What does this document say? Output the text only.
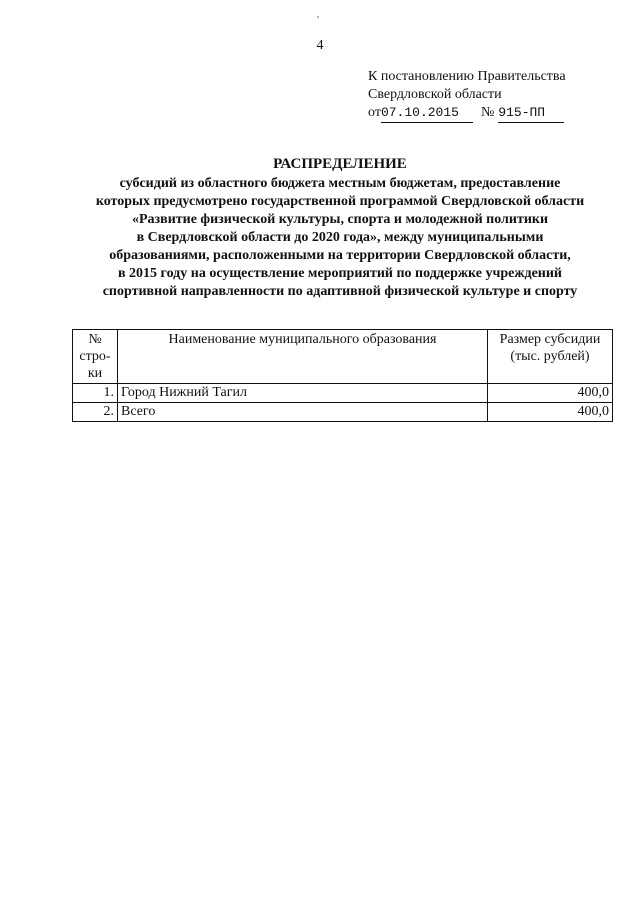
4
К постановлению Правительства
Свердловской области
от 07.10.2015	№ 915-ПП
РАСПРЕДЕЛЕНИЕ
субсидий из областного бюджета местным бюджетам, предоставление
которых предусмотрено государственной программой Свердловской области
«Развитие физической культуры, спорта и молодежной политики
в Свердловской области до 2020 года», между муниципальными
образованиями, расположенными на территории Свердловской области,
в 2015 году на осуществление мероприятий по поддержке учреждений
спортивной направленности по адаптивной физической культуре и спорту
№ стро-ки	Наименование муниципального образования	Размер субсидии (тыс. рублей)
1.	Город Нижний Тагил	400,0
2.	Всего	400,0
